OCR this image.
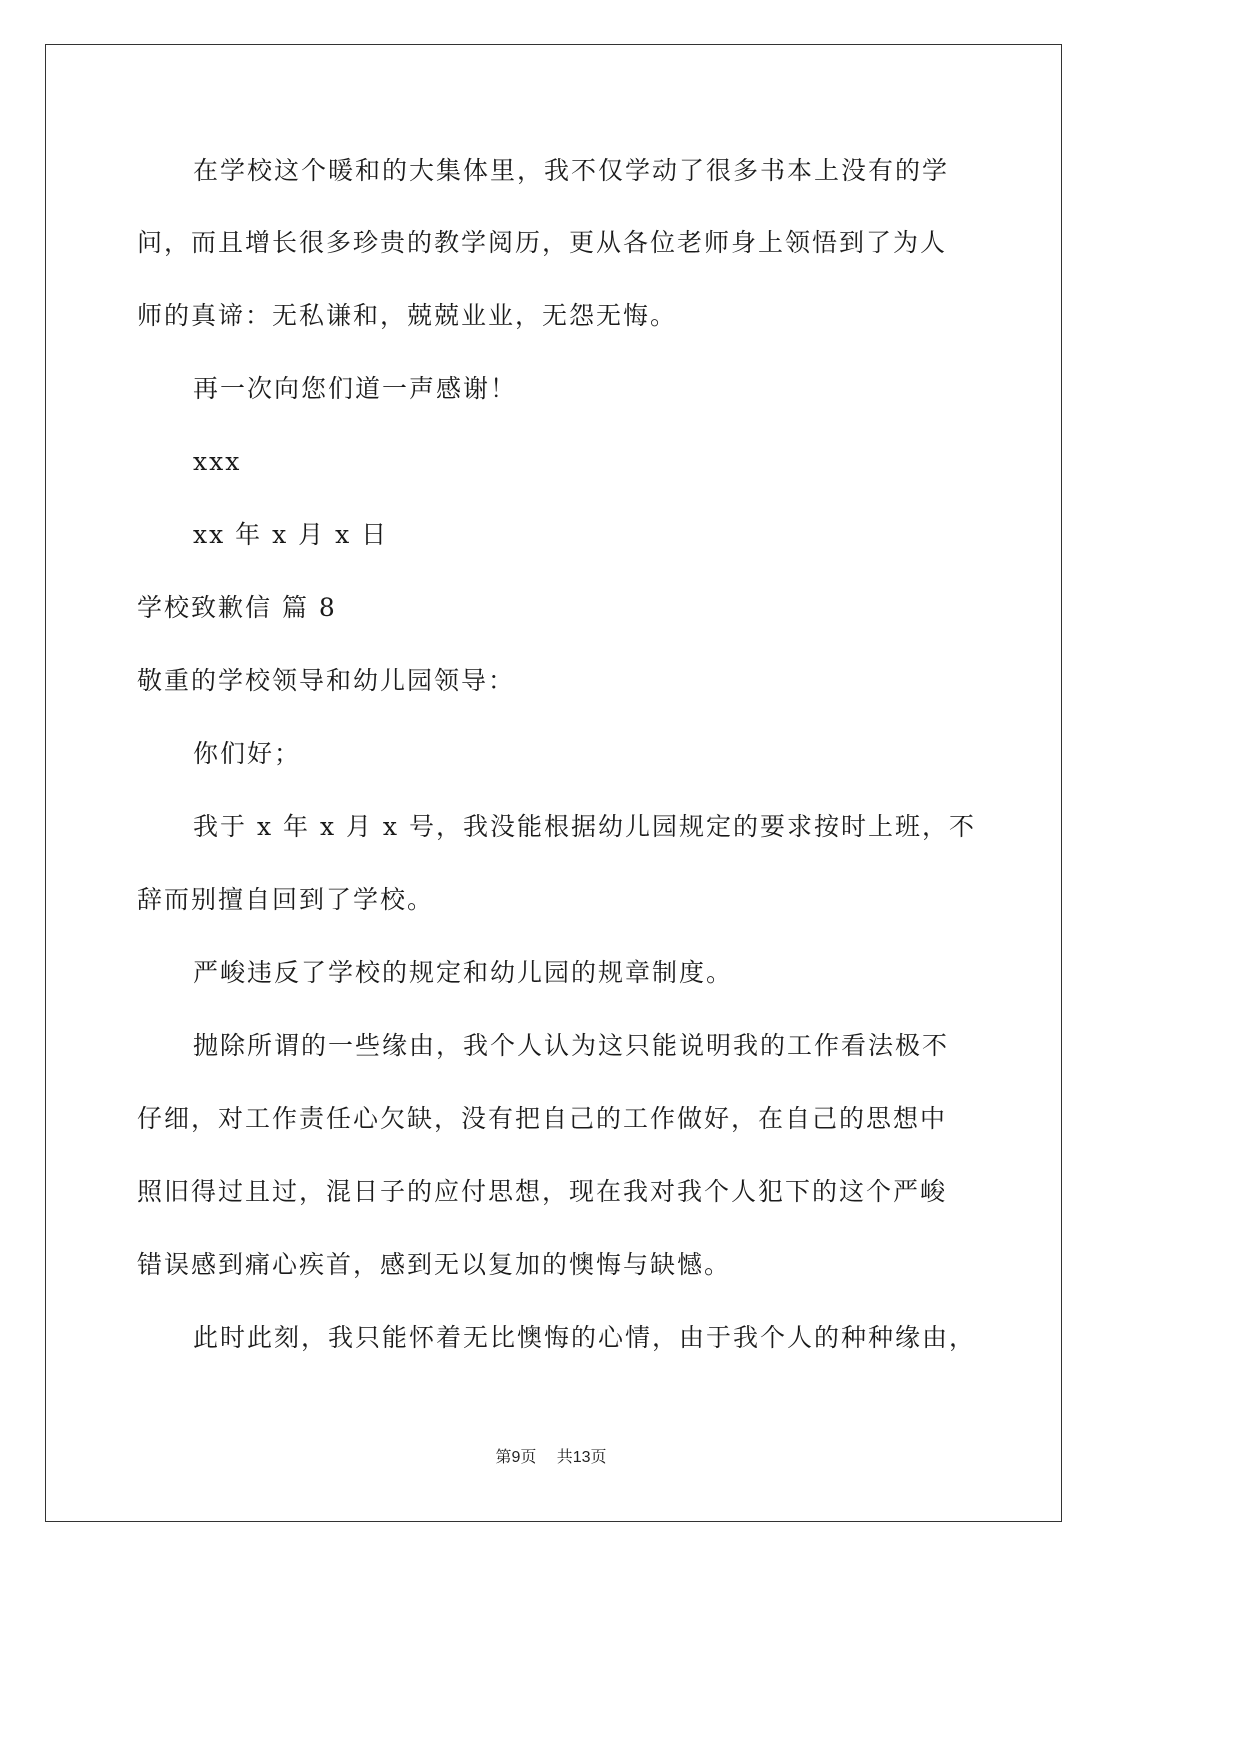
在学校这个暖和的大集体里，我不仅学动了很多书本上没有的学
问，而且增长很多珍贵的教学阅历，更从各位老师身上领悟到了为人
师的真谛：无私谦和，兢兢业业，无怨无悔。
再一次向您们道一声感谢！
xxx
xx 年 x 月 x 日
学校致歉信 篇 8
敬重的学校领导和幼儿园领导：
你们好；
我于 x 年 x 月 x 号，我没能根据幼儿园规定的要求按时上班，不
辞而别擅自回到了学校。
严峻违反了学校的规定和幼儿园的规章制度。
抛除所谓的一些缘由，我个人认为这只能说明我的工作看法极不
仔细，对工作责任心欠缺，没有把自己的工作做好，在自己的思想中
照旧得过且过，混日子的应付思想，现在我对我个人犯下的这个严峻
错误感到痛心疾首，感到无以复加的懊悔与缺憾。
此时此刻，我只能怀着无比懊悔的心情，由于我个人的种种缘由，
第9页 共13页
